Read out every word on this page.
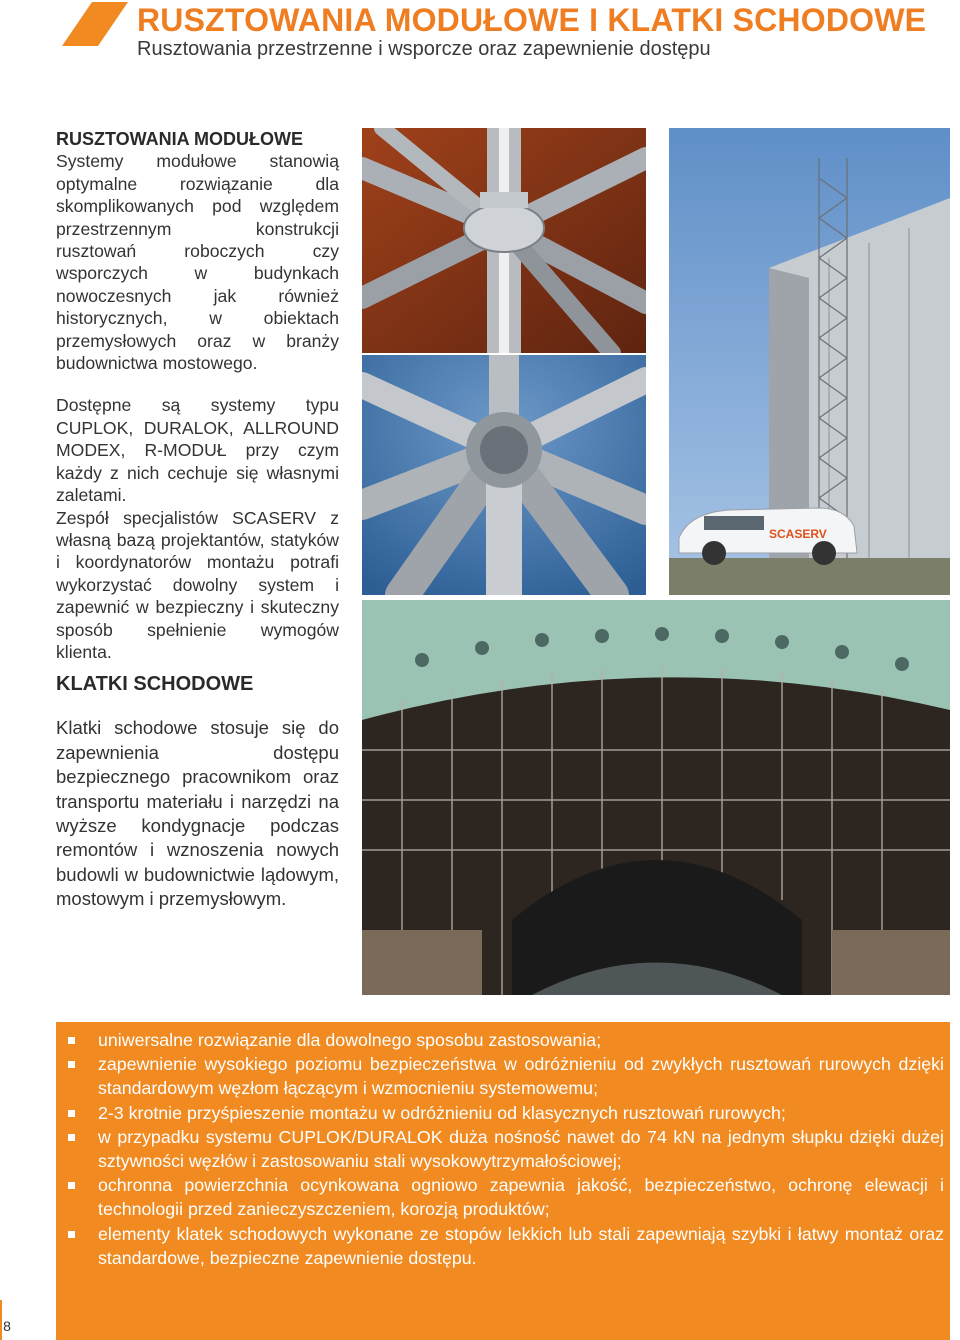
RUSZTOWANIA MODUŁOWE I KLATKI SCHODOWE
Rusztowania przestrzenne i wsporcze oraz zapewnienie dostępu

RUSZTOWANIA MODUŁOWE

Systemy modułowe stanowią optymalne rozwiązanie dla skomplikowanych pod względem przestrzennym konstrukcji rusztowań roboczych czy wsporczych w budynkach nowoczesnych jak również historycznych, w obiektach przemysłowych oraz w branży budownictwa mostowego.

Dostępne są systemy typu CUPLOK, DURALOK, ALLROUND MODEX, R-MODUŁ przy czym każdy z nich cechuje się własnymi zaletami.

Zespół specjalistów SCASERV z własną bazą projektantów, statyków i koordynatorów montażu potrafi wykorzystać dowolny system i zapewnić w bezpieczny i skuteczny sposób spełnienie wymogów klienta.

KLATKI SCHODOWE

Klatki schodowe stosuje się do zapewnienia dostępu bezpiecznego pracownikom oraz transportu materiału i narzędzi na wyższe kondygnacje podczas remontów i wznoszenia nowych budowli w budownictwie lądowym, mostowym i przemysłowym.

SCASERV
uniwersalne rozwiązanie dla dowolnego sposobu zastosowania;
zapewnienie wysokiego poziomu bezpieczeństwa w odróżnieniu od zwykłych rusztowań rurowych dzięki standardowym węzłom łączącym i wzmocnieniu systemowemu;
2-3 krotnie przyśpieszenie montażu w odróżnieniu od klasycznych rusztowań rurowych;
w przypadku systemu CUPLOK/DURALOK duża nośność nawet do 74 kN na jednym słupku dzięki dużej sztywności węzłów i zastosowaniu stali wysokowytrzymałościowej;
ochronna powierzchnia ocynkowana ogniowo zapewnia jakość, bezpieczeństwo, ochronę elewacji i technologii przed zanieczyszczeniem, korozją produktów;
elementy klatek schodowych wykonane ze stopów lekkich lub stali zapewniają szybki i łatwy montaż oraz standardowe, bezpieczne zapewnienie dostępu.
8
